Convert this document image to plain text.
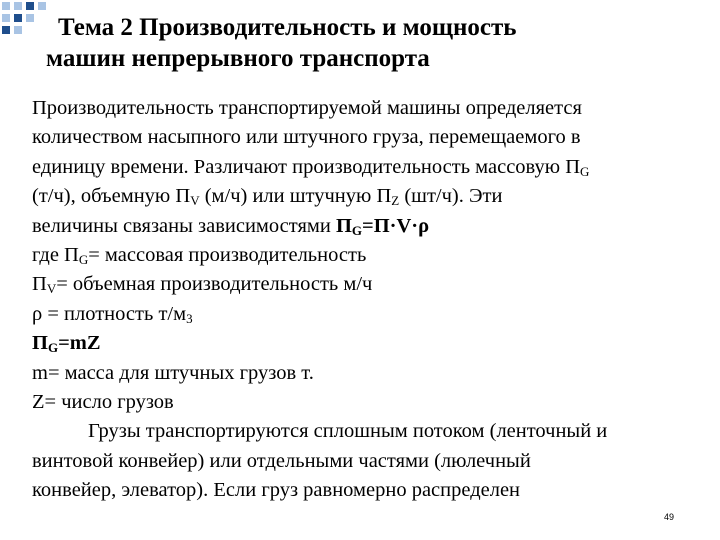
Тема 2 Производительность и мощность
машин непрерывного транспорта
Производительность транспортируемой машины определяется
количеством насыпного или штучного груза, перемещаемого в
единицу времени. Различают производительность массовую $П_G$
(т/ч), объемную $П_V$ (м/ч) или штучную $П_Z$ (шт/ч). Эти
величины связаны зависимостями $П_G=П\cdot V\cdot\rho$
где $П_G=$ массовая производительность
$П_V=$ объемная производительность м/ч
ρ = плотность $т/м_3$
$П_G=mZ$
m= масса для штучных грузов т.
Z= число грузов
Грузы транспортируются сплошным потоком (ленточный и
винтовой конвейер) или отдельными частями (люлечный
конвейер, элеватор). Если груз равномерно распределен
49
